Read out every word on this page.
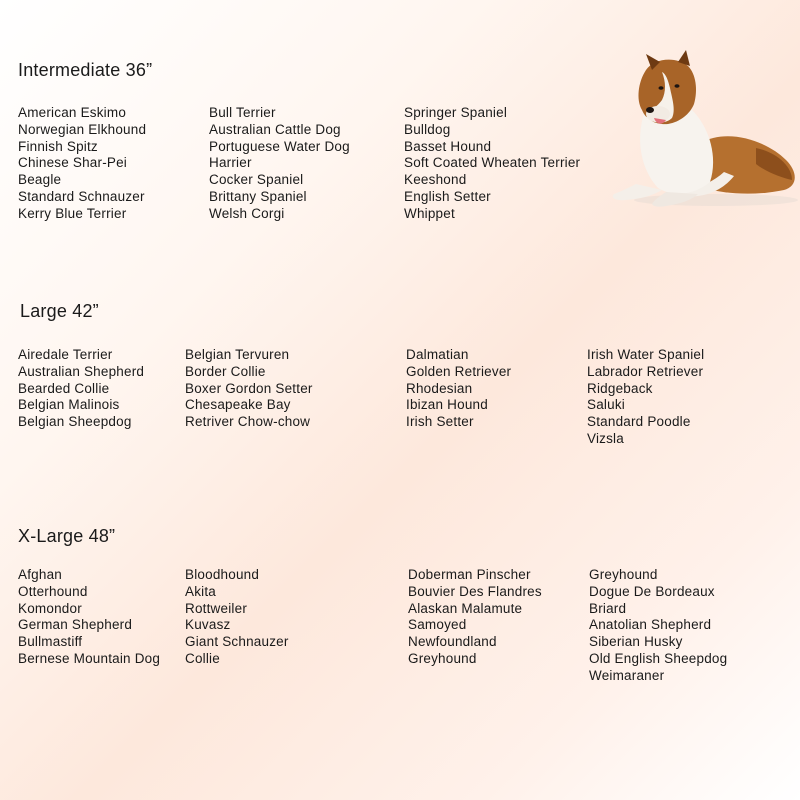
Intermediate 36”
American Eskimo
Norwegian Elkhound
Finnish Spitz
Chinese Shar-Pei
Beagle
Standard Schnauzer
Kerry Blue Terrier
Bull Terrier
Australian Cattle Dog
Portuguese Water Dog
Harrier
Cocker Spaniel
Brittany Spaniel
Welsh Corgi
Springer Spaniel
Bulldog
Basset Hound
Soft Coated Wheaten Terrier
Keeshond
English Setter
Whippet
Large 42”
Airedale Terrier
Australian Shepherd
Bearded Collie
Belgian Malinois
Belgian Sheepdog
Belgian Tervuren
Border Collie
Boxer Gordon Setter
Chesapeake Bay
Retriver Chow-chow
Dalmatian
Golden Retriever
Rhodesian
Ibizan Hound
Irish Setter
Irish Water Spaniel
Labrador Retriever
Ridgeback
Saluki
Standard Poodle
Vizsla
X-Large 48”
Afghan
Otterhound
Komondor
German Shepherd
Bullmastiff
Bernese Mountain Dog
Bloodhound
Akita
Rottweiler
Kuvasz
Giant Schnauzer
Collie
Doberman Pinscher
Bouvier Des Flandres
Alaskan Malamute
Samoyed
Newfoundland
Greyhound
Greyhound
Dogue De Bordeaux
Briard
Anatolian Shepherd
Siberian Husky
Old English Sheepdog
Weimaraner
